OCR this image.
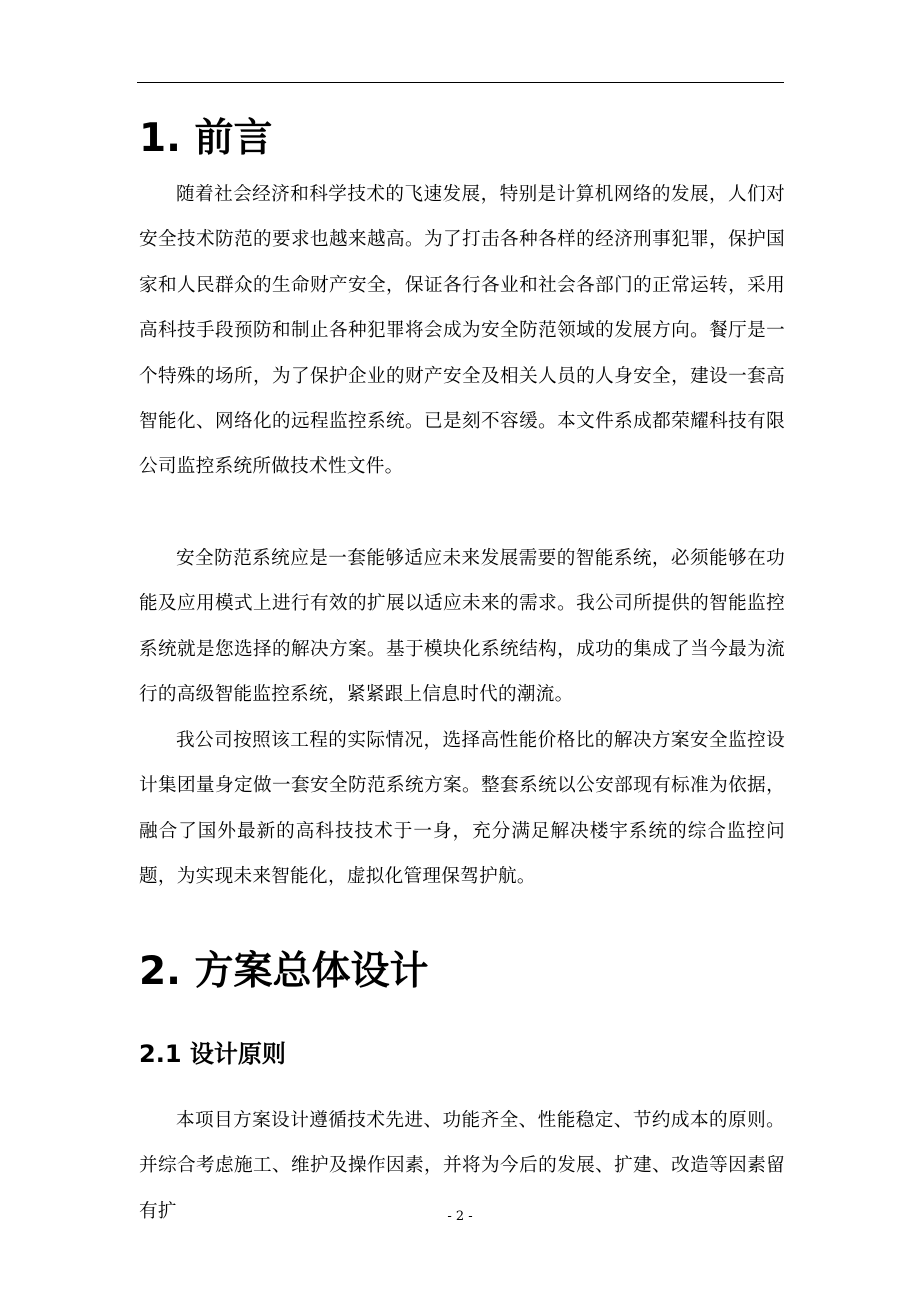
1. 前言

随着社会经济和科学技术的飞速发展，特别是计算机网络的发展，人们对安全技术防范的要求也越来越高。为了打击各种各样的经济刑事犯罪，保护国家和人民群众的生命财产安全，保证各行各业和社会各部门的正常运转，采用高科技手段预防和制止各种犯罪将会成为安全防范领域的发展方向。餐厅是一个特殊的场所，为了保护企业的财产安全及相关人员的人身安全，建设一套高智能化、网络化的远程监控系统。已是刻不容缓。本文件系成都荣耀科技有限公司监控系统所做技术性文件。

安全防范系统应是一套能够适应未来发展需要的智能系统，必须能够在功能及应用模式上进行有效的扩展以适应未来的需求。我公司所提供的智能监控系统就是您选择的解决方案。基于模块化系统结构，成功的集成了当今最为流行的高级智能监控系统，紧紧跟上信息时代的潮流。

我公司按照该工程的实际情况，选择高性能价格比的解决方案安全监控设计集团量身定做一套安全防范系统方案。整套系统以公安部现有标准为依据，融合了国外最新的高科技技术于一身，充分满足解决楼宇系统的综合监控问题，为实现未来智能化，虚拟化管理保驾护航。

2. 方案总体设计
2.1 设计原则

本项目方案设计遵循技术先进、功能齐全、性能稳定、节约成本的原则。并综合考虑施工、维护及操作因素，并将为今后的发展、扩建、改造等因素留有扩	- 2 -
